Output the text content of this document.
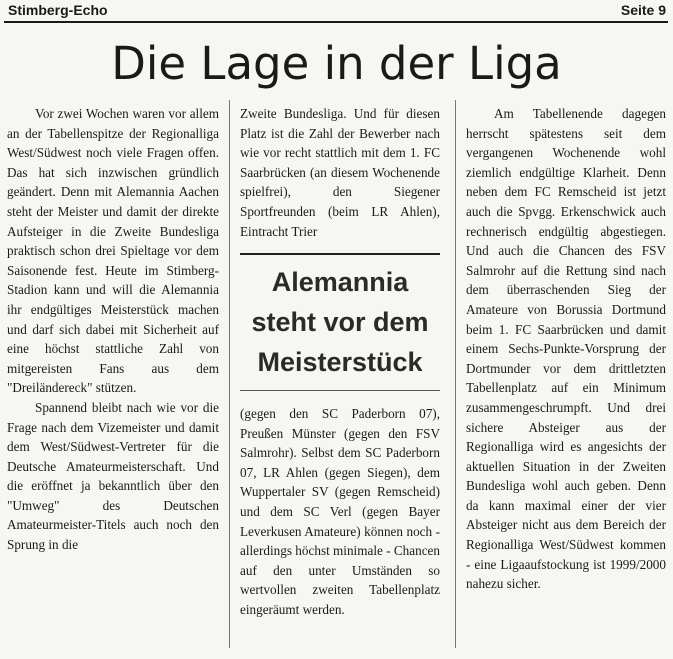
Stimberg-Echo	Seite 9
Die Lage in der Liga

Vor zwei Wochen waren vor allem an der Tabellenspitze der Regionalliga West/Südwest noch viele Fragen offen. Das hat sich inzwischen gründlich geändert. Denn mit Alemannia Aachen steht der Meister und damit der direkte Aufsteiger in die Zweite Bundesliga praktisch schon drei Spieltage vor dem Saisonende fest. Heute im Stimberg-Stadion kann und will die Alemannia ihr endgültiges Meisterstück machen und darf sich dabei mit Sicherheit auf eine höchst stattliche Zahl von mitgereisten Fans aus dem "Dreiländereck" stützen.

Spannend bleibt nach wie vor die Frage nach dem Vizemeister und damit dem West/Südwest-Vertreter für die Deutsche Amateurmeisterschaft. Und die eröffnet ja bekanntlich über den "Umweg" des Deutschen Amateurmeister-Titels auch noch den Sprung in die

Zweite Bundesliga. Und für diesen Platz ist die Zahl der Bewerber nach wie vor recht stattlich mit dem 1. FC Saarbrücken (an diesem Wochenende spielfrei), den Siegener Sportfreunden (beim LR Ahlen), Eintracht Trier

Alemannia
steht vor dem
Meisterstück

(gegen den SC Paderborn 07), Preußen Münster (gegen den FSV Salmrohr). Selbst dem SC Paderborn 07, LR Ahlen (gegen Siegen), dem Wuppertaler SV (gegen Remscheid) und dem SC Verl (gegen Bayer Leverkusen Amateure) können noch - allerdings höchst minimale - Chancen auf den unter Umständen so wertvollen zweiten Tabellenplatz eingeräumt werden.

Am Tabellenende dagegen herrscht spätestens seit dem vergangenen Wochenende wohl ziemlich endgültige Klarheit. Denn neben dem FC Remscheid ist jetzt auch die Spvgg. Erkenschwick auch rechnerisch endgültig abgestiegen. Und auch die Chancen des FSV Salmrohr auf die Rettung sind nach dem überraschenden Sieg der Amateure von Borussia Dortmund beim 1. FC Saarbrücken und damit einem Sechs-Punkte-Vorsprung der Dortmunder vor dem drittletzten Tabellenplatz auf ein Minimum zusammengeschrumpft. Und drei sichere Absteiger aus der Regionalliga wird es angesichts der aktuellen Situation in der Zweiten Bundesliga wohl auch geben. Denn da kann maximal einer der vier Absteiger nicht aus dem Bereich der Regionalliga West/Südwest kommen - eine Ligaaufstockung ist 1999/2000 nahezu sicher.
